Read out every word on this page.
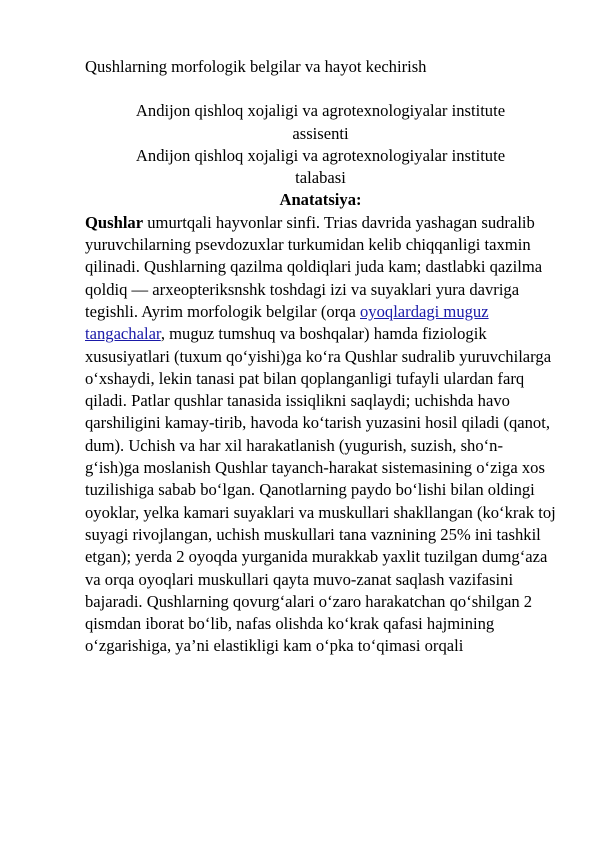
Qushlarning morfologik belgilar va hayot kechirish

Andijon qishloq xojaligi va agrotexnologiyalar institute

assisenti

Andijon qishloq xojaligi va agrotexnologiyalar institute

talabasi

Anatatsiya:

Qushlar umurtqali hayvonlar sinfi. Trias davrida yashagan sudralib yuruvchilarning psevdozuxlar turkumidan kelib chiqqanligi taxmin qilinadi. Qushlarning qazilma qoldiqlari juda kam; dastlabki qazilma qoldiq — arxeopteriksnshk toshdagi izi va suyaklari yura davriga tegishli. Ayrim morfologik belgilar (orqa oyoqlardagi muguz tangachalar, muguz tumshuq va boshqalar) hamda fiziologik xususiyatlari (tuxum qo‘yishi)ga ko‘ra Qushlar sudralib yuruvchilarga o‘xshaydi, lekin tanasi pat bilan qoplanganligi tufayli ulardan farq qiladi. Patlar qushlar tanasida issiqlikni saqlaydi; uchishda havo qarshiligini kamay-tirib, havoda ko‘tarish yuzasini hosil qiladi (qanot, dum). Uchish va har xil harakatlanish (yugurish, suzish, sho‘n-g‘ish)ga moslanish Qushlar tayanch-harakat sistemasining o‘ziga xos tuzilishiga sabab bo‘lgan. Qanotlarning paydo bo‘lishi bilan oldingi oyoklar, yelka kamari suyaklari va muskullari shakllangan (ko‘krak toj suyagi rivojlangan, uchish muskullari tana vaznining 25% ini tashkil etgan); yerda 2 oyoqda yurganida murakkab yaxlit tuzilgan dumg‘aza va orqa oyoqlari muskullari qayta muvo-zanat saqlash vazifasini bajaradi. Qushlarning qovurg‘alari o‘zaro harakatchan qo‘shilgan 2 qismdan iborat bo‘lib, nafas olishda ko‘krak qafasi hajmining o‘zgarishiga, ya’ni elastikligi kam o‘pka to‘qimasi orqali
